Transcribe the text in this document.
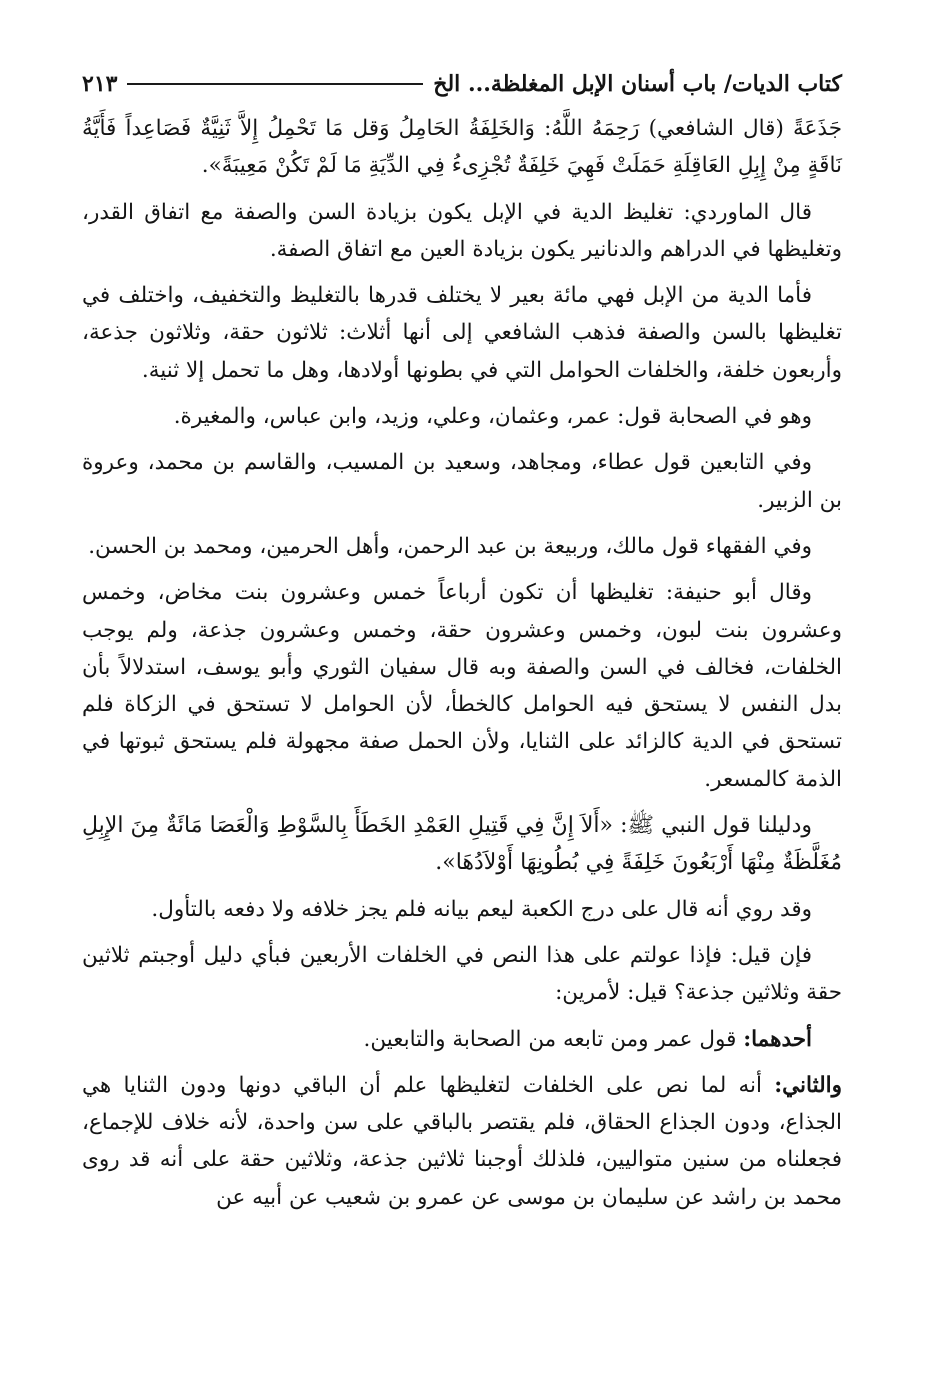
كتاب الديات/ باب أسنان الإبل المغلظة... الخ
٢١٣

جَذَعَةً (قال الشافعي) رَحِمَهُ اللَّهُ: وَالخَلِفَةُ الحَامِلُ وَقل مَا تَحْمِلُ إِلاَّ ثَنِيَّةٌ فَصَاعِداً فَأَيَّةُ نَاقَةٍ مِنْ إِبِلِ العَاقِلَةِ حَمَلَتْ فَهِيَ خَلِفَةٌ تُجْزِىءُ فِي الدِّيَةِ مَا لَمْ تَكُنْ مَعِيبَةً».

قال الماوردي: تغليظ الدية في الإبل يكون بزيادة السن والصفة مع اتفاق القدر، وتغليظها في الدراهم والدنانير يكون بزيادة العين مع اتفاق الصفة.

فأما الدية من الإبل فهي مائة بعير لا يختلف قدرها بالتغليظ والتخفيف، واختلف في تغليظها بالسن والصفة فذهب الشافعي إلى أنها أثلاث: ثلاثون حقة، وثلاثون جذعة، وأربعون خلفة، والخلفات الحوامل التي في بطونها أولادها، وهل ما تحمل إلا ثنية.

وهو في الصحابة قول: عمر، وعثمان، وعلي، وزيد، وابن عباس، والمغيرة.

وفي التابعين قول عطاء، ومجاهد، وسعيد بن المسيب، والقاسم بن محمد، وعروة بن الزبير.

وفي الفقهاء قول مالك، وربيعة بن عبد الرحمن، وأهل الحرمين، ومحمد بن الحسن.

وقال أبو حنيفة: تغليظها أن تكون أرباعاً خمس وعشرون بنت مخاض، وخمس وعشرون بنت لبون، وخمس وعشرون حقة، وخمس وعشرون جذعة، ولم يوجب الخلفات، فخالف في السن والصفة وبه قال سفيان الثوري وأبو يوسف، استدلالاً بأن بدل النفس لا يستحق فيه الحوامل كالخطأ، لأن الحوامل لا تستحق في الزكاة فلم تستحق في الدية كالزائد على الثنايا، ولأن الحمل صفة مجهولة فلم يستحق ثبوتها في الذمة كالمسعر.

ودليلنا قول النبي ﷺ: «أَلاَ إِنَّ فِي قَتِيلِ العَمْدِ الخَطَأَ بِالسَّوْطِ وَالْعَصَا مَائَةٌ مِنَ الإِبِلِ مُغَلَّظَةٌ مِنْهَا أَرْبَعُونَ خَلِفَةً فِي بُطُونِهَا أَوْلاَدُهَا».

وقد روي أنه قال على درج الكعبة ليعم بيانه فلم يجز خلافه ولا دفعه بالتأول.

فإن قيل: فإذا عولتم على هذا النص في الخلفات الأربعين فبأي دليل أوجبتم ثلاثين حقة وثلاثين جذعة؟ قيل: لأمرين:

أحدهما: قول عمر ومن تابعه من الصحابة والتابعين.

والثاني: أنه لما نص على الخلفات لتغليظها علم أن الباقي دونها ودون الثنايا هي الجذاع، ودون الجذاع الحقاق، فلم يقتصر بالباقي على سن واحدة، لأنه خلاف للإجماع، فجعلناه من سنين متواليين، فلذلك أوجبنا ثلاثين جذعة، وثلاثين حقة على أنه قد روى محمد بن راشد عن سليمان بن موسى عن عمرو بن شعيب عن أبيه عن
